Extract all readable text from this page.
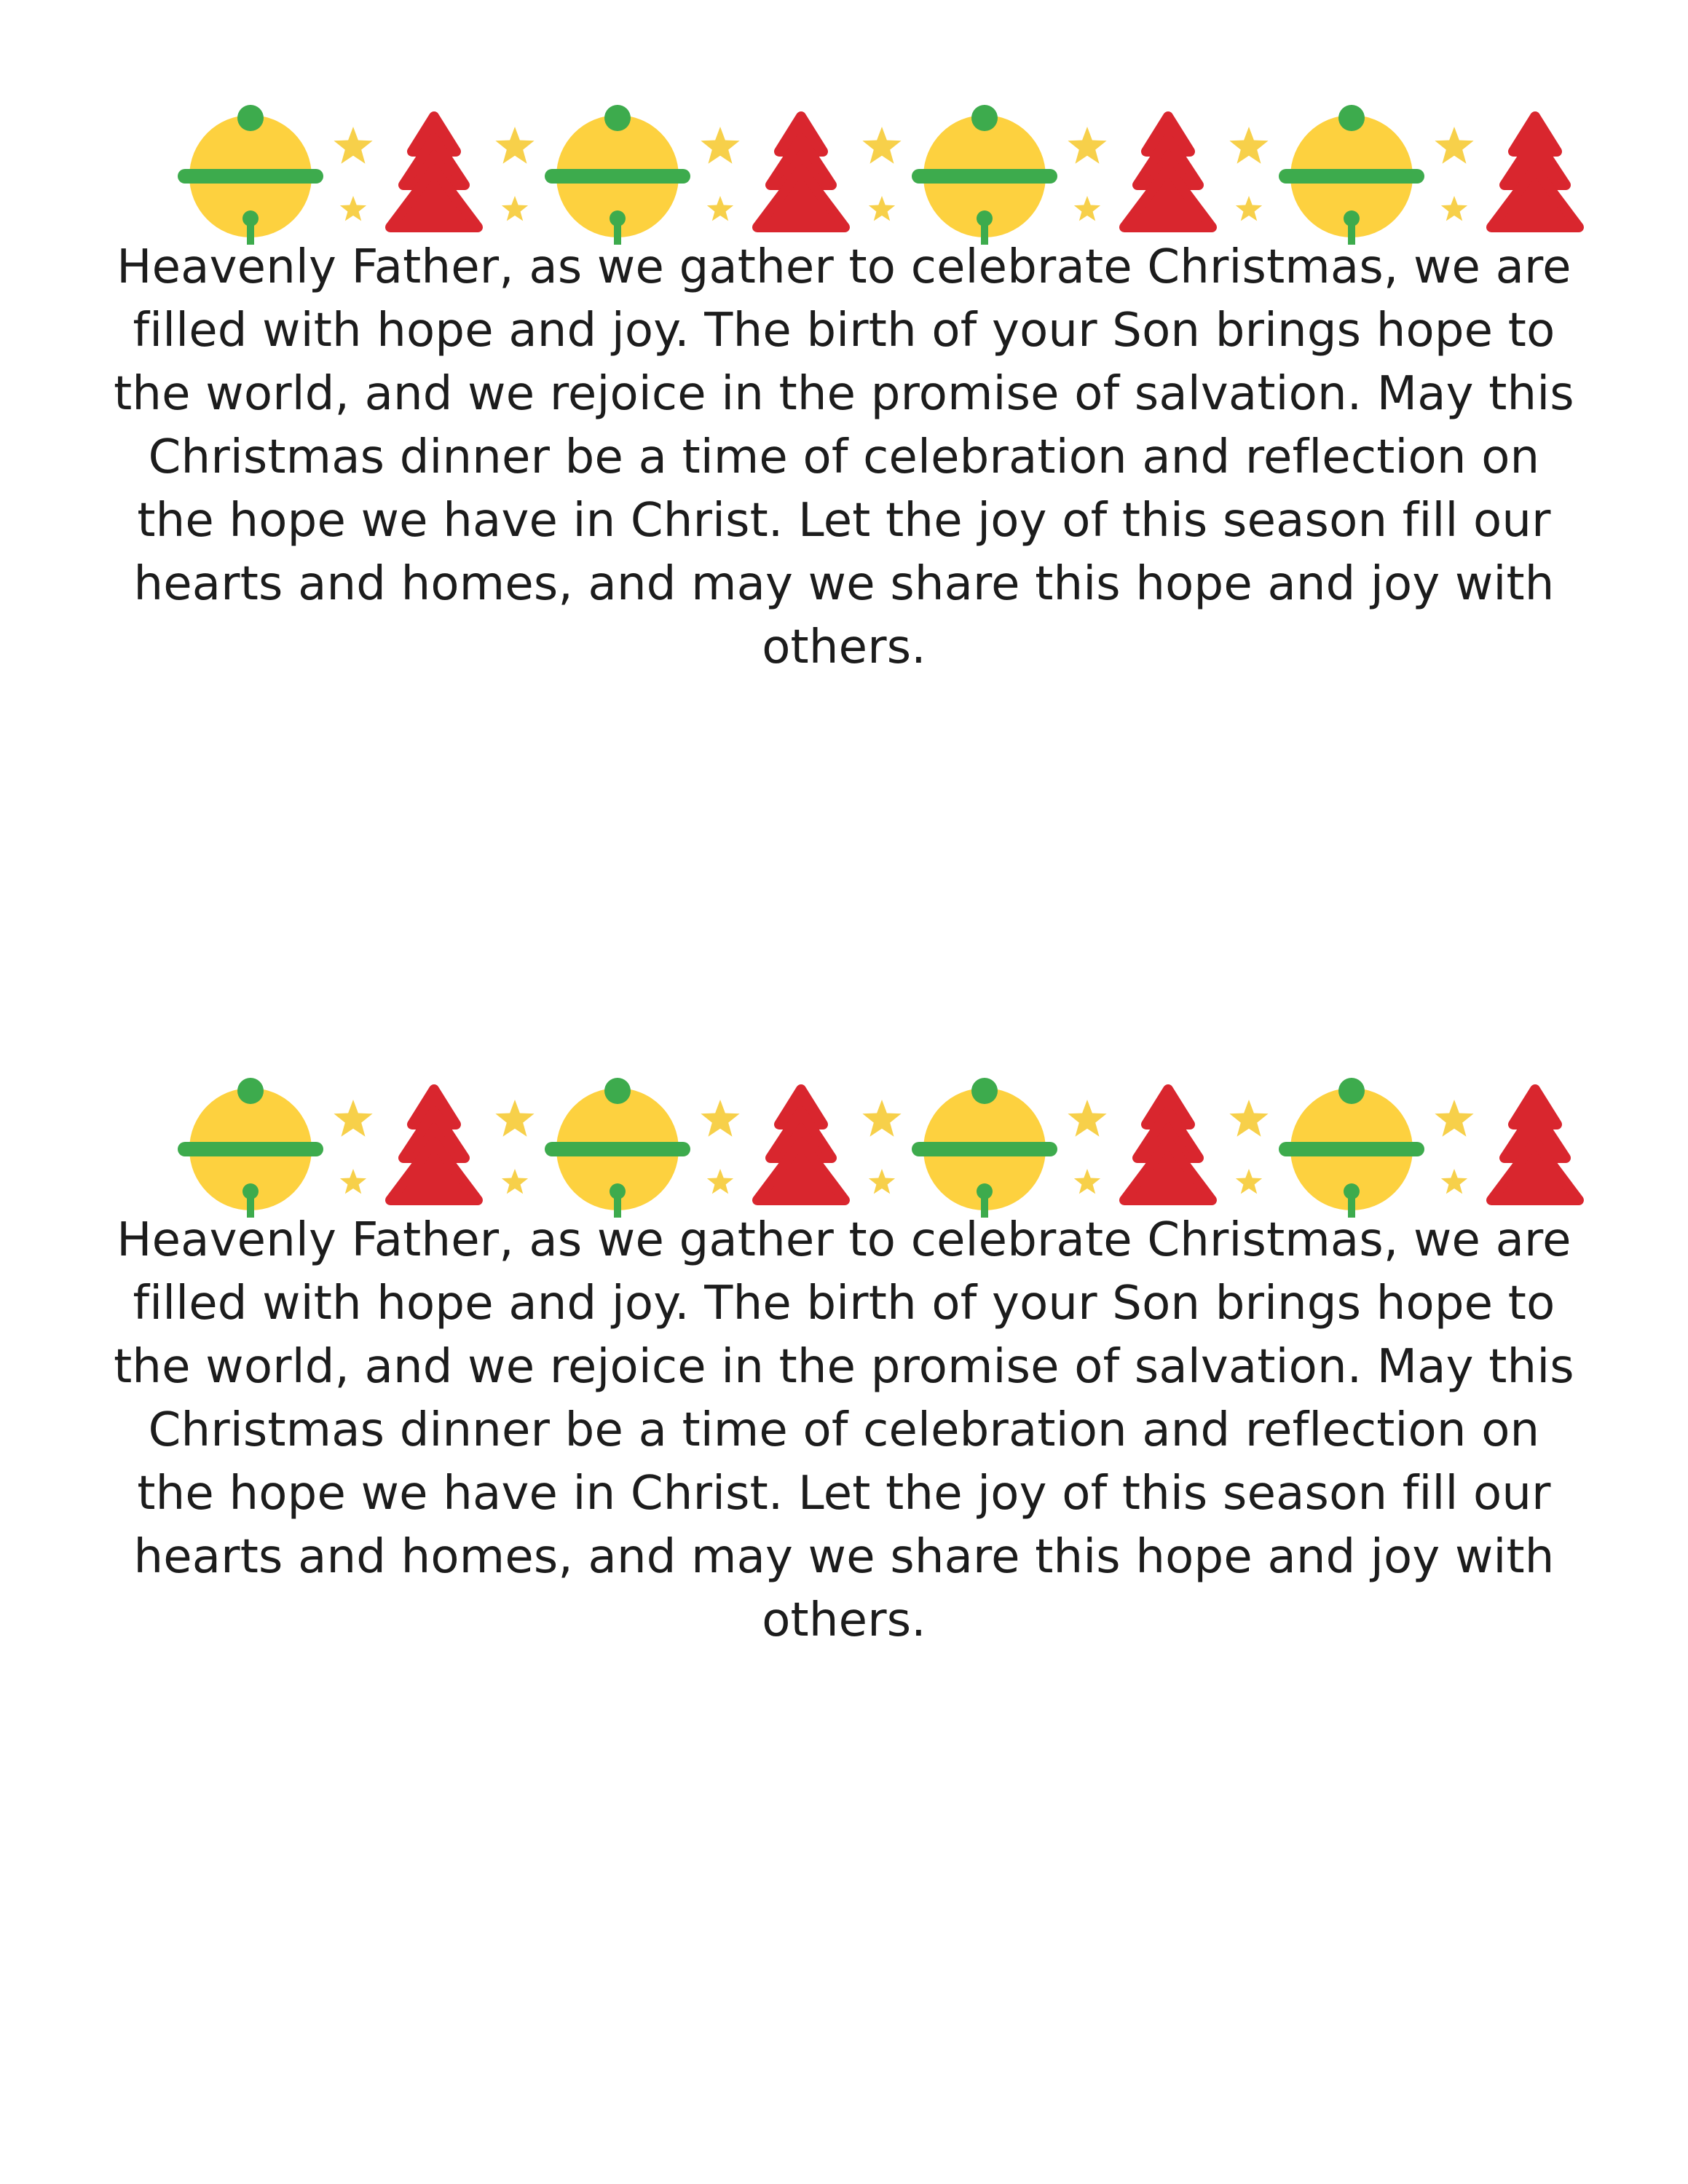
Heavenly Father, as we gather to celebrate Christmas, we are filled with hope and joy. The birth of your Son brings hope to the world, and we rejoice in the promise of salvation. May this Christmas dinner be a time of celebration and reflection on the hope we have in Christ. Let the joy of this season fill our hearts and homes, and may we share this hope and joy with others.

Heavenly Father, as we gather to celebrate Christmas, we are filled with hope and joy. The birth of your Son brings hope to the world, and we rejoice in the promise of salvation. May this Christmas dinner be a time of celebration and reflection on the hope we have in Christ. Let the joy of this season fill our hearts and homes, and may we share this hope and joy with others.
